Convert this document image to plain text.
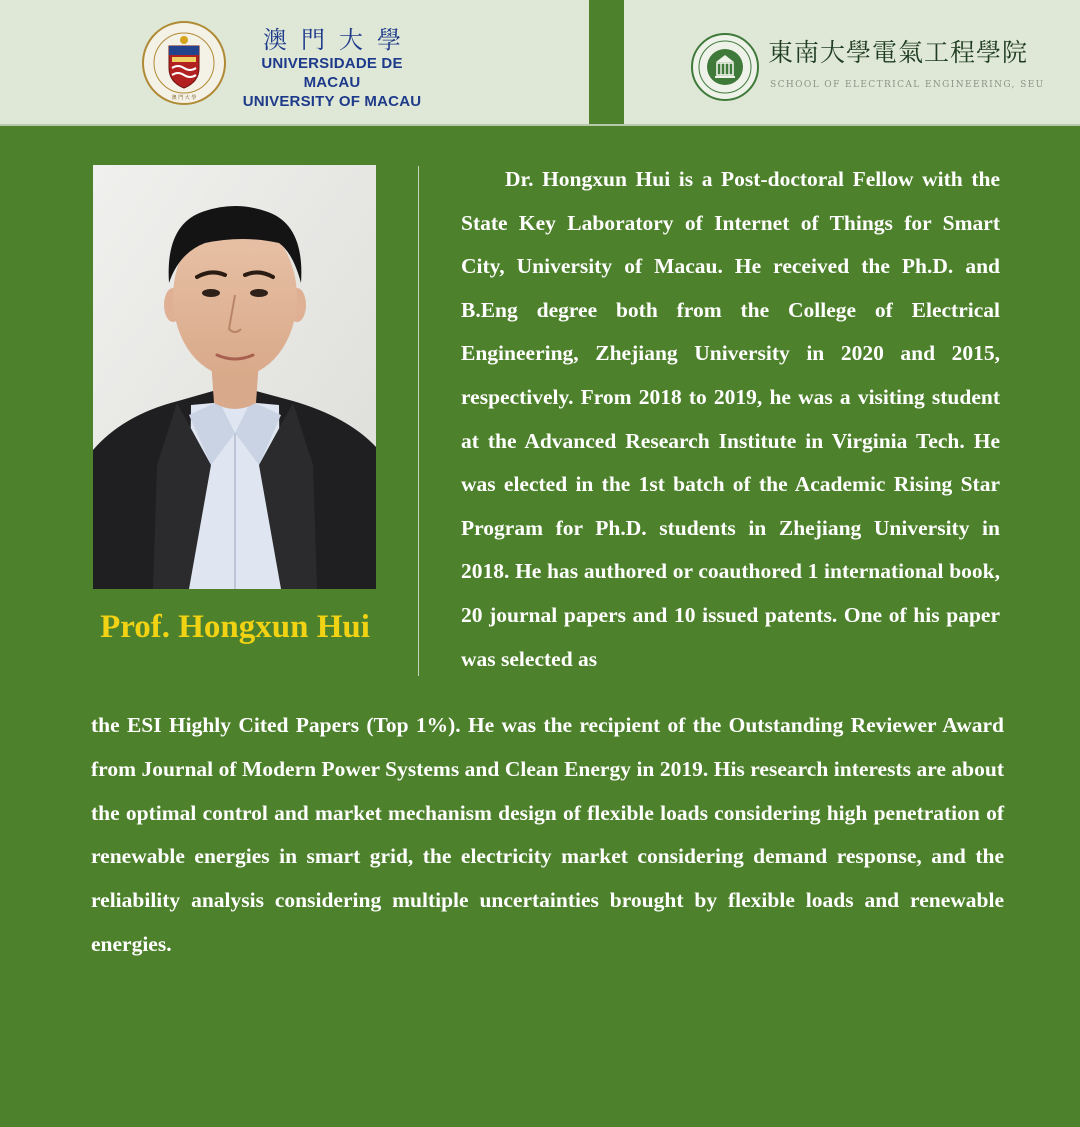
澳 門 大 學
澳門大學
UNIVERSIDADE DE MACAU
UNIVERSITY OF MACAU
東南大學電氣工程學院
SCHOOL OF ELECTRICAL ENGINEERING, SEU
Prof. Hongxun Hui

Dr. Hongxun Hui is a Post-doctoral Fellow with the State Key Laboratory of Internet of Things for Smart City, University of Macau. He received the Ph.D. and B.Eng degree both from the College of Electrical Engineering, Zhejiang University in 2020 and 2015, respectively. From 2018 to 2019, he was a visiting student at the Advanced Research Institute in Virginia Tech. He was elected in the 1st batch of the Academic Rising Star Program for Ph.D. students in Zhejiang University in 2018. He has authored or coauthored 1 international book, 20 journal papers and 10 issued patents. One of his paper was selected as

the ESI Highly Cited Papers (Top 1%). He was the recipient of the Outstanding Reviewer Award from Journal of Modern Power Systems and Clean Energy in 2019. His research interests are about the optimal control and market mechanism design of flexible loads considering high penetration of renewable energies in smart grid, the electricity market considering demand response, and the reliability analysis considering multiple uncertainties brought by flexible loads and renewable energies.
